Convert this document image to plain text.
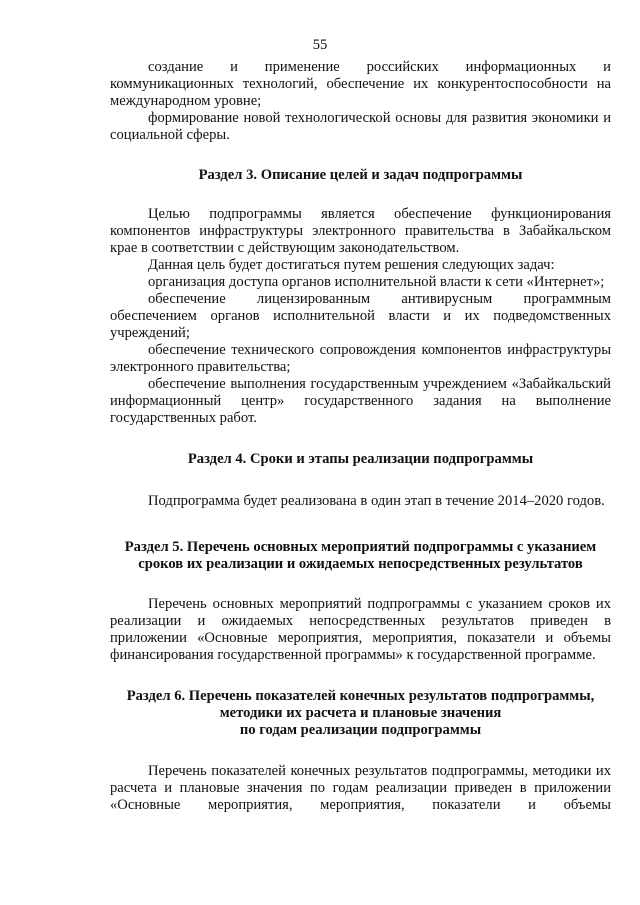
55

создание и применение российских информационных и коммуникационных технологий, обеспечение их конкурентоспособности на международном уровне;

формирование новой технологической основы для развития экономики и социальной сферы.

Раздел 3. Описание целей и задач подпрограммы

Целью подпрограммы является обеспечение функционирования компонентов инфраструктуры электронного правительства в Забайкальском крае в соответствии с действующим законодательством.

Данная цель будет достигаться путем решения следующих задач:

организация доступа органов исполнительной власти к сети «Интернет»;

обеспечение лицензированным антивирусным программным обеспечением органов исполнительной власти и их подведомственных учреждений;

обеспечение технического сопровождения компонентов инфраструктуры электронного правительства;

обеспечение выполнения государственным учреждением «Забайкальский информационный центр» государственного задания на выполнение государственных работ.

Раздел 4. Сроки и этапы реализации подпрограммы

Подпрограмма будет реализована в один этап в течение 2014–2020 годов.

Раздел 5. Перечень основных мероприятий подпрограммы с указанием
сроков их реализации и ожидаемых непосредственных результатов

Перечень основных мероприятий подпрограммы с указанием сроков их реализации и ожидаемых непосредственных результатов приведен в приложении «Основные мероприятия, мероприятия, показатели и объемы финансирования государственной программы» к государственной программе.

Раздел 6. Перечень показателей конечных результатов подпрограммы,
методики их расчета и плановые значения
по годам реализации подпрограммы

Перечень показателей конечных результатов подпрограммы, методики их расчета и плановые значения по годам реализации приведен в приложении «Основные мероприятия, мероприятия, показатели и объемы
